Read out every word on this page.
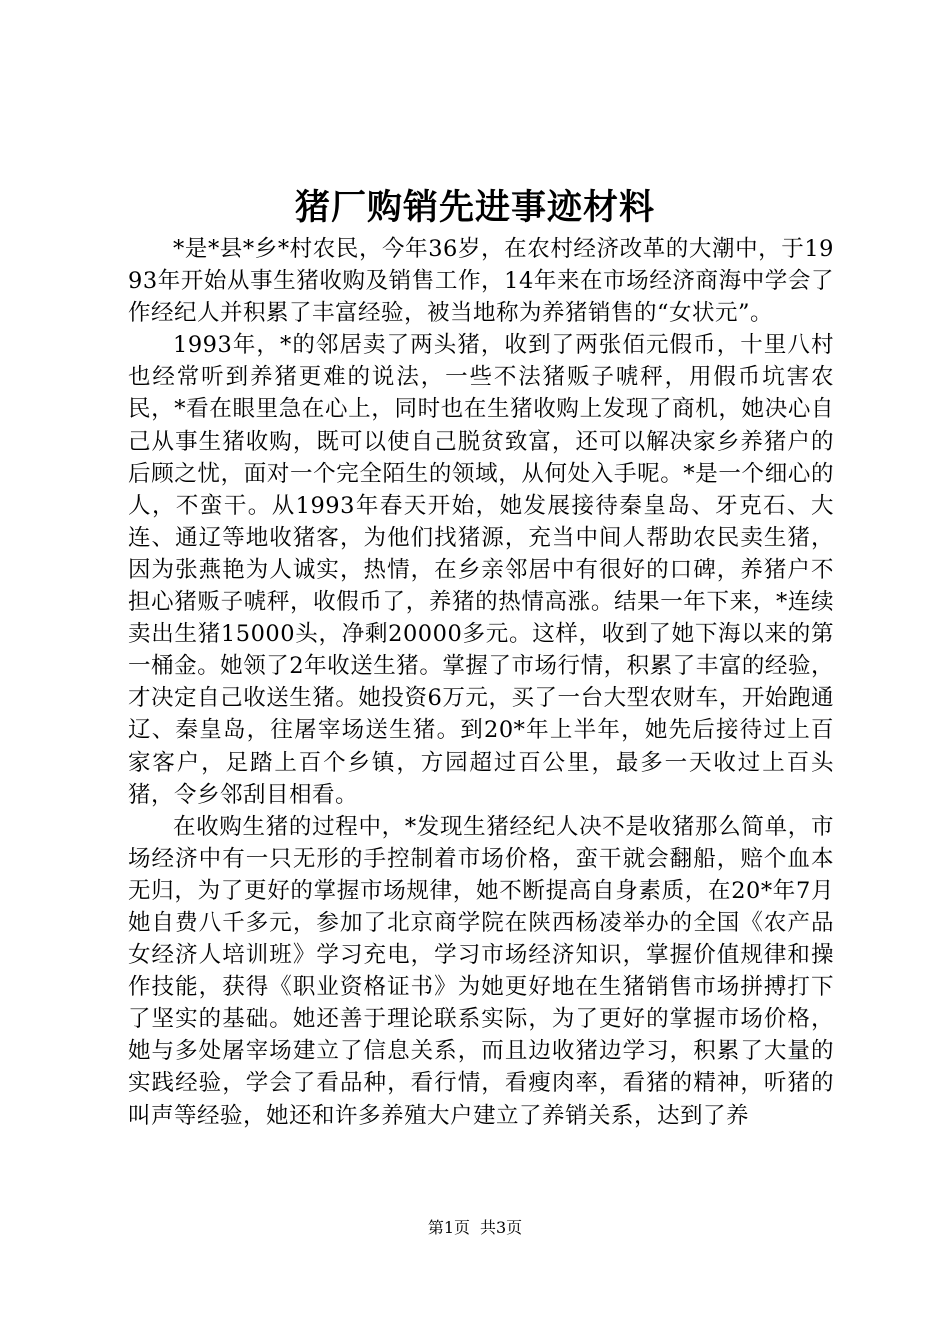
猪厂购销先进事迹材料

*是*县*乡*村农民，今年36岁，在农村经济改革的大潮中，于1993年开始从事生猪收购及销售工作，14年来在市场经济商海中学会了作经纪人并积累了丰富经验，被当地称为养猪销售的“女状元”。

1993年，*的邻居卖了两头猪，收到了两张佰元假币，十里八村也经常听到养猪更难的说法，一些不法猪贩子唬秤，用假币坑害农民，*看在眼里急在心上，同时也在生猪收购上发现了商机，她决心自己从事生猪收购，既可以使自己脱贫致富，还可以解决家乡养猪户的后顾之忧，面对一个完全陌生的领域，从何处入手呢。*是一个细心的人，不蛮干。从1993年春天开始，她发展接待秦皇岛、牙克石、大连、通辽等地收猪客，为他们找猪源，充当中间人帮助农民卖生猪，因为张燕艳为人诚实，热情，在乡亲邻居中有很好的口碑，养猪户不担心猪贩子唬秤，收假币了，养猪的热情高涨。结果一年下来，*连续卖出生猪15000头，净剩20000多元。这样，收到了她下海以来的第一桶金。她领了2年收送生猪。掌握了市场行情，积累了丰富的经验，才决定自己收送生猪。她投资6万元，买了一台大型农财车，开始跑通辽、秦皇岛，往屠宰场送生猪。到20*年上半年，她先后接待过上百家客户，足踏上百个乡镇，方园超过百公里，最多一天收过上百头猪，令乡邻刮目相看。

在收购生猪的过程中，*发现生猪经纪人决不是收猪那么简单，市场经济中有一只无形的手控制着市场价格，蛮干就会翻船，赔个血本无归，为了更好的掌握市场规律，她不断提高自身素质，在20*年7月她自费八千多元，参加了北京商学院在陕西杨凌举办的全国《农产品女经济人培训班》学习充电，学习市场经济知识，掌握价值规律和操作技能，获得《职业资格证书》为她更好地在生猪销售市场拼搏打下了坚实的基础。她还善于理论联系实际，为了更好的掌握市场价格，她与多处屠宰场建立了信息关系，而且边收猪边学习，积累了大量的实践经验，学会了看品种，看行情，看瘦肉率，看猪的精神，听猪的叫声等经验，她还和许多养殖大户建立了养销关系，达到了养

第1页 共3页
